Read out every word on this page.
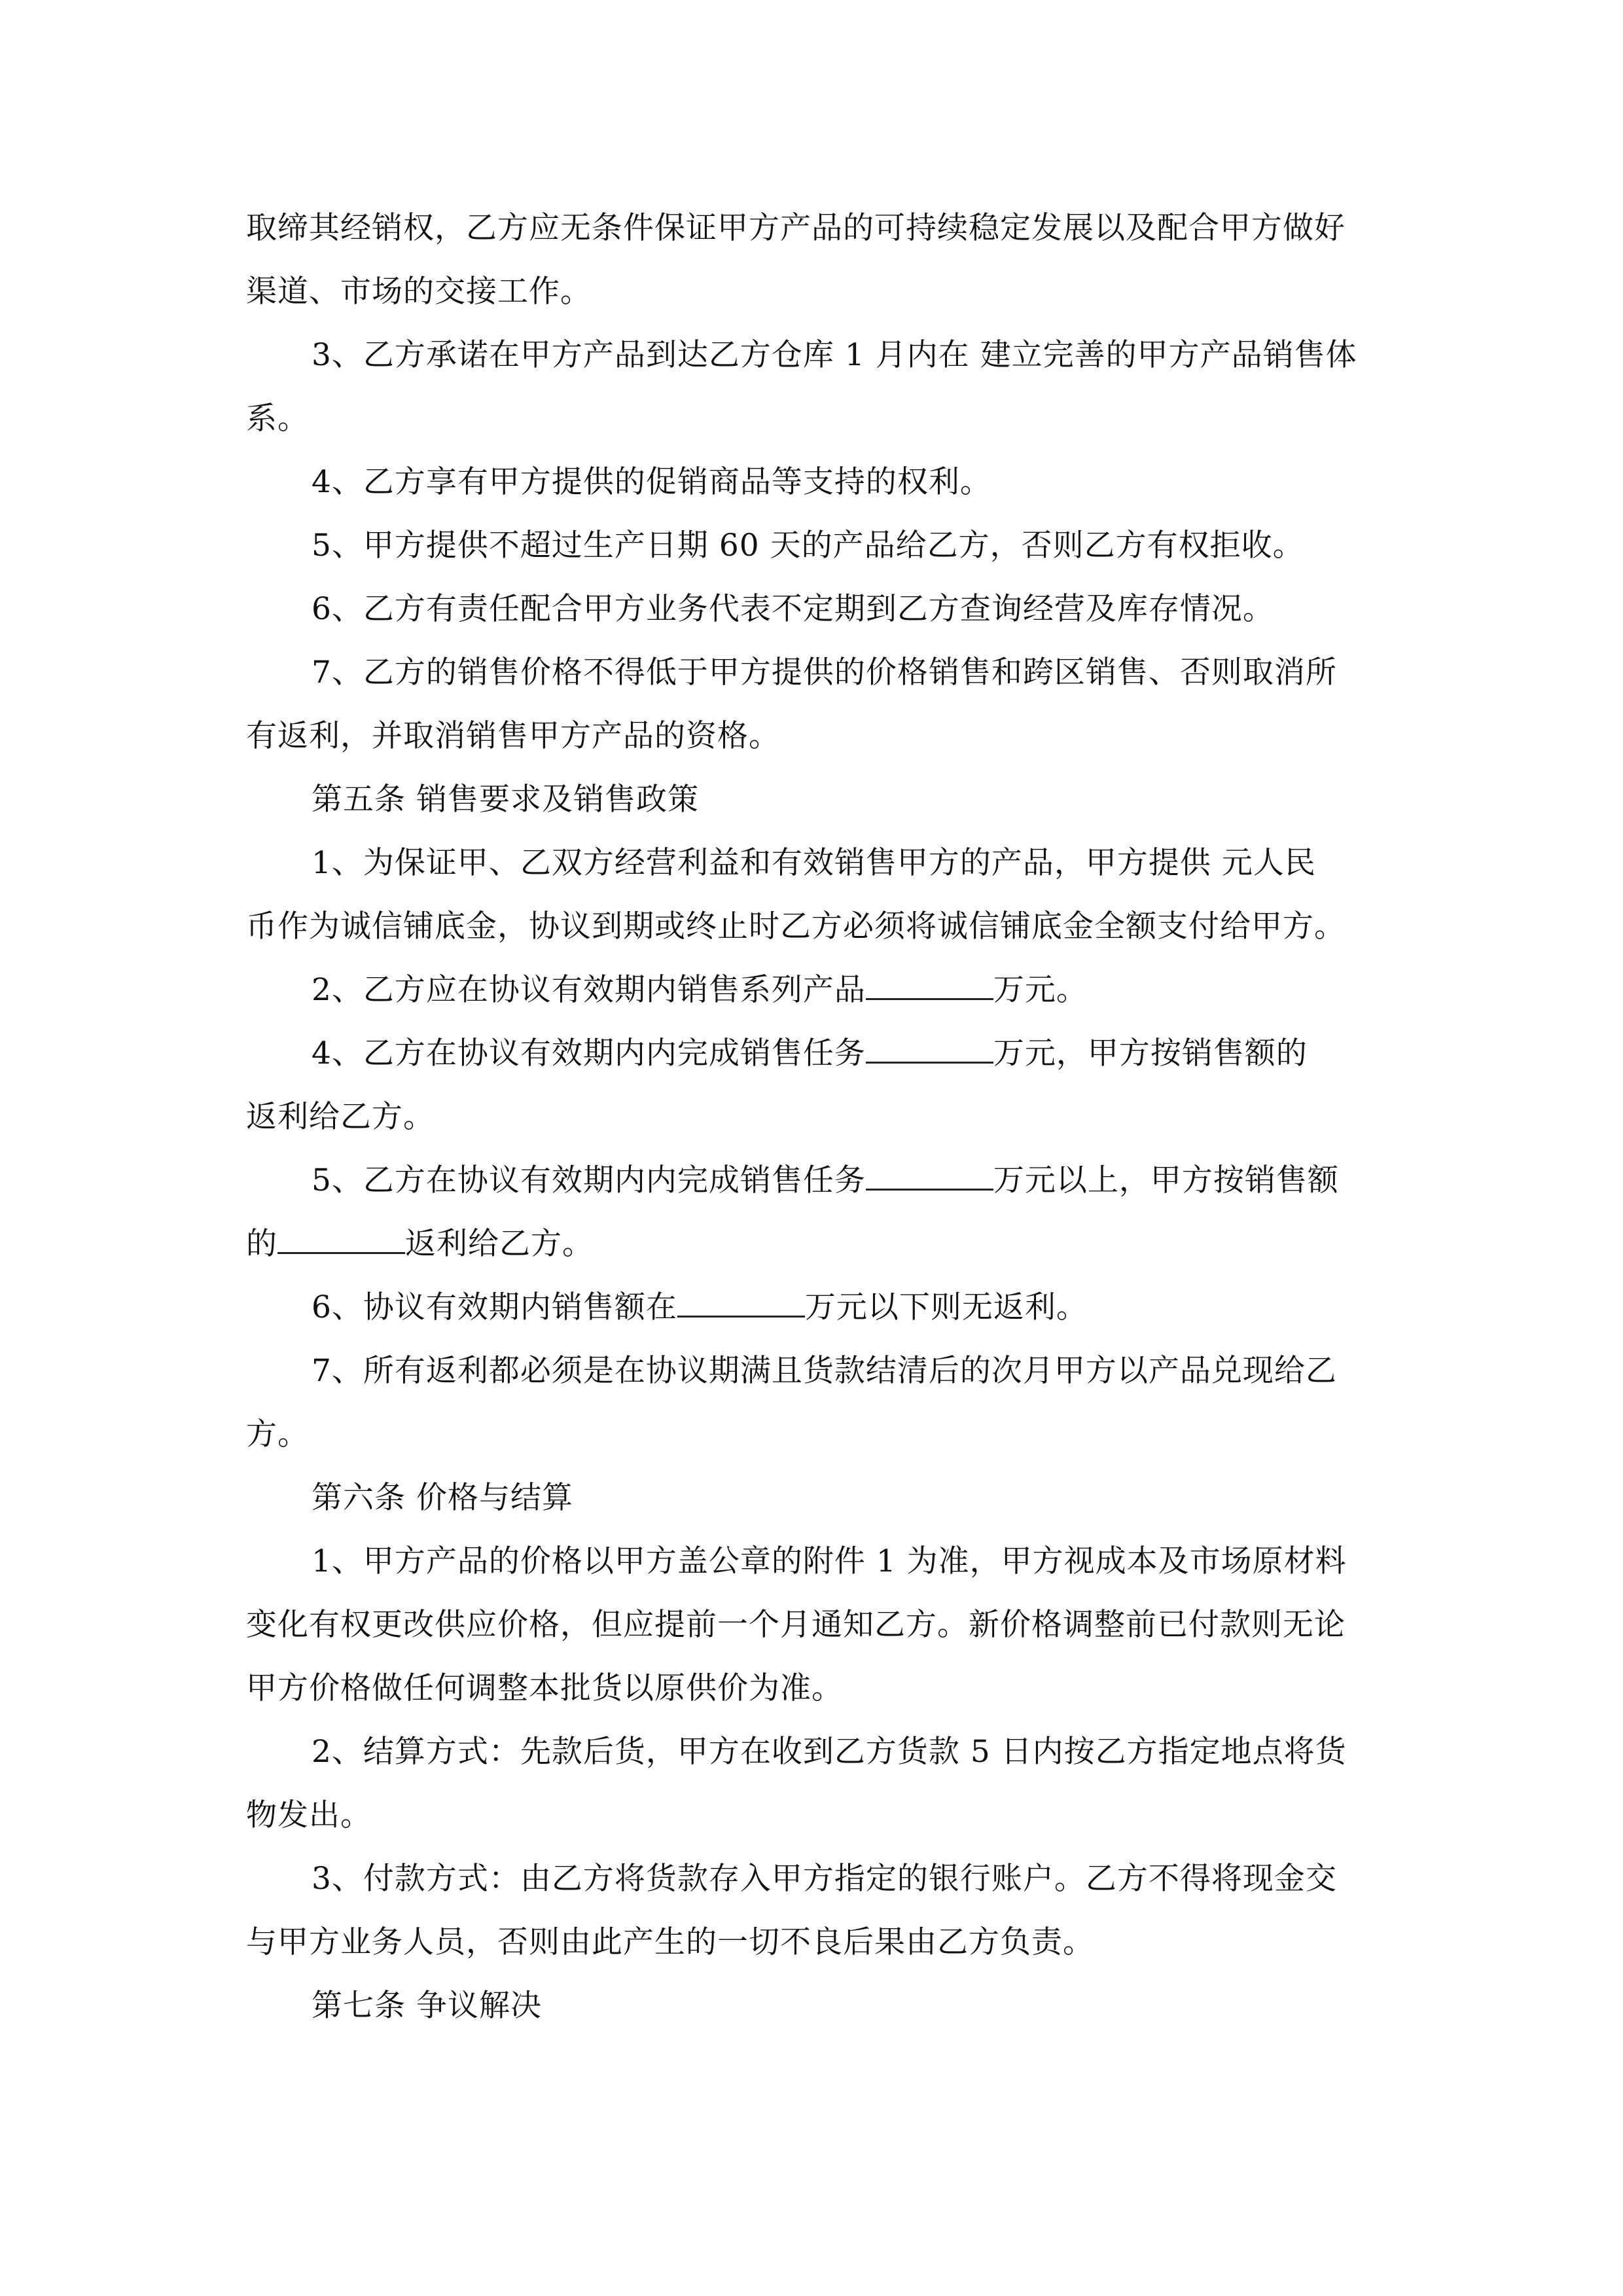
取缔其经销权，乙方应无条件保证甲方产品的可持续稳定发展以及配合甲方做好
渠道、市场的交接工作。
3、乙方承诺在甲方产品到达乙方仓库 1 月内在 建立完善的甲方产品销售体
系。
4、乙方享有甲方提供的促销商品等支持的权利。
5、甲方提供不超过生产日期 60 天的产品给乙方，否则乙方有权拒收。
6、乙方有责任配合甲方业务代表不定期到乙方查询经营及库存情况。
7、乙方的销售价格不得低于甲方提供的价格销售和跨区销售、否则取消所
有返利，并取消销售甲方产品的资格。
第五条 销售要求及销售政策
1、为保证甲、乙双方经营利益和有效销售甲方的产品，甲方提供 元人民
币作为诚信铺底金，协议到期或终止时乙方必须将诚信铺底金全额支付给甲方。
2、乙方应在协议有效期内销售系列产品	万元。
4、乙方在协议有效期内内完成销售任务	万元，甲方按销售额的
返利给乙方。
5、乙方在协议有效期内内完成销售任务	万元以上，甲方按销售额
的	返利给乙方。
6、协议有效期内销售额在	万元以下则无返利。
7、所有返利都必须是在协议期满且货款结清后的次月甲方以产品兑现给乙
方。
第六条 价格与结算
1、甲方产品的价格以甲方盖公章的附件 1 为准，甲方视成本及市场原材料
变化有权更改供应价格，但应提前一个月通知乙方。新价格调整前已付款则无论
甲方价格做任何调整本批货以原供价为准。
2、结算方式：先款后货，甲方在收到乙方货款 5 日内按乙方指定地点将货
物发出。
3、付款方式：由乙方将货款存入甲方指定的银行账户。乙方不得将现金交
与甲方业务人员，否则由此产生的一切不良后果由乙方负责。
第七条 争议解决
